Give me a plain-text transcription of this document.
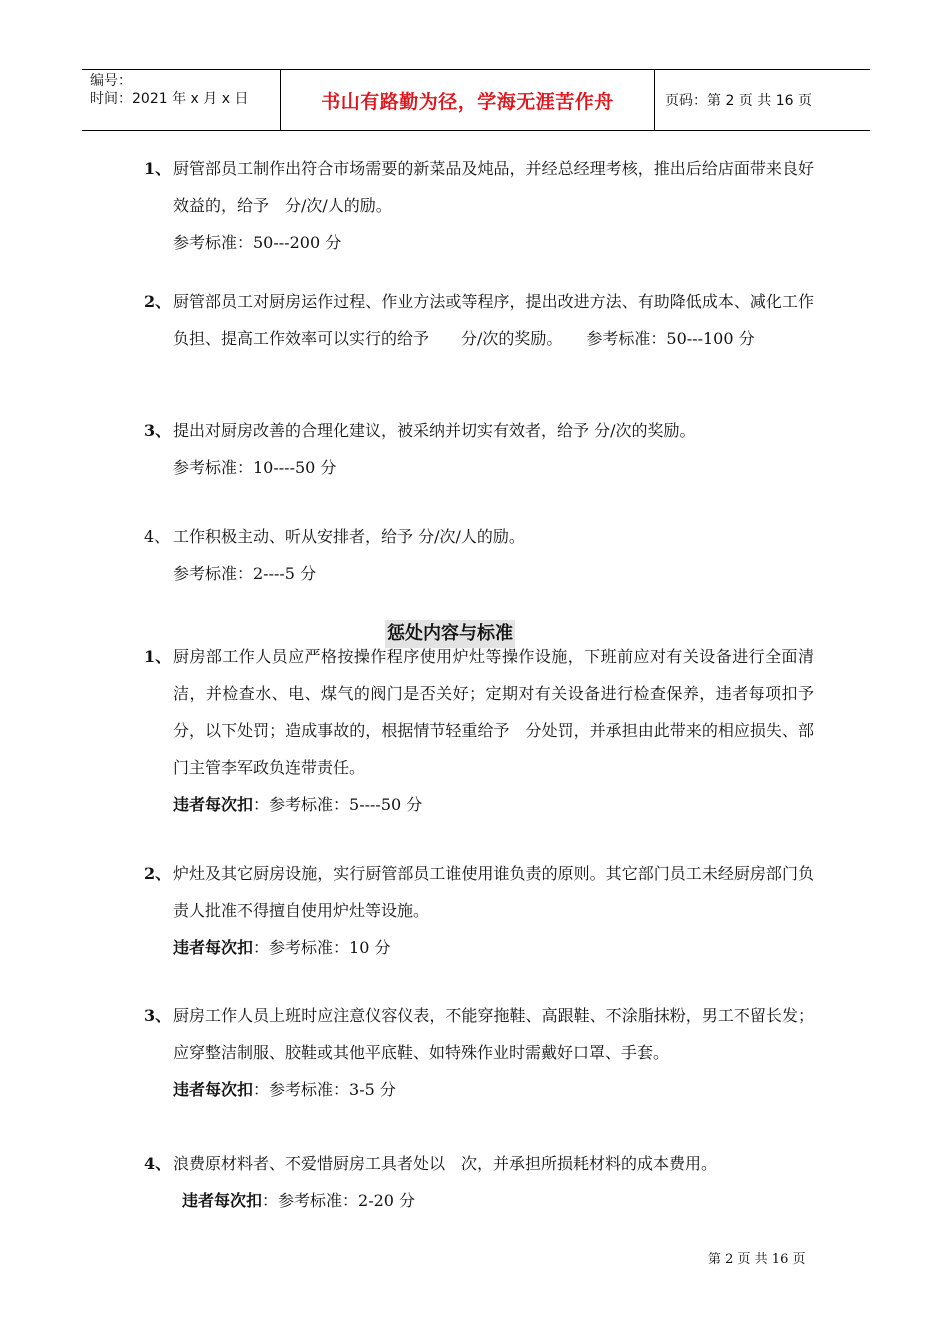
编号：
时间：2021 年 x 月 x 日	书山有路勤为径，学海无涯苦作舟	页码：第 2 页 共 16 页
1、 厨管部员工制作出符合市场需要的新菜品及炖品，并经总经理考核，推出后给店面带来良好效益的，给予　分/次/人的励。
参考标准：50---200 分
2、 厨管部员工对厨房运作过程、作业方法或等程序，提出改进方法、有助降低成本、减化工作负担、提高工作效率可以实行的给予　　分/次的奖励。　　参考标准：50---100 分
3、 提出对厨房改善的合理化建议，被采纳并切实有效者，给予 分/次的奖励。
参考标准：10----50 分
4、 工作积极主动、听从安排者，给予 分/次/人的励。
参考标准：2----5 分
惩处内容与标准
1、 厨房部工作人员应严格按操作程序使用炉灶等操作设施，下班前应对有关设备进行全面清洁，并检查水、电、煤气的阀门是否关好；定期对有关设备进行检查保养，违者每项扣予　分，以下处罚；造成事故的，根据情节轻重给予　分处罚，并承担由此带来的相应损失、部门主管李军政负连带责任。
违者每次扣：参考标准：5----50 分
2、 炉灶及其它厨房设施，实行厨管部员工谁使用谁负责的原则。其它部门员工未经厨房部门负责人批准不得擅自使用炉灶等设施。
违者每次扣：参考标准：10 分
3、 厨房工作人员上班时应注意仪容仪表，不能穿拖鞋、高跟鞋、不涂脂抹粉，男工不留长发；应穿整洁制服、胶鞋或其他平底鞋、如特殊作业时需戴好口罩、手套。
违者每次扣：参考标准：3-5 分
4、 浪费原材料者、不爱惜厨房工具者处以　次，并承担所损耗材料的成本费用。
违者每次扣：参考标准：2-20 分
第 2 页 共 16 页
